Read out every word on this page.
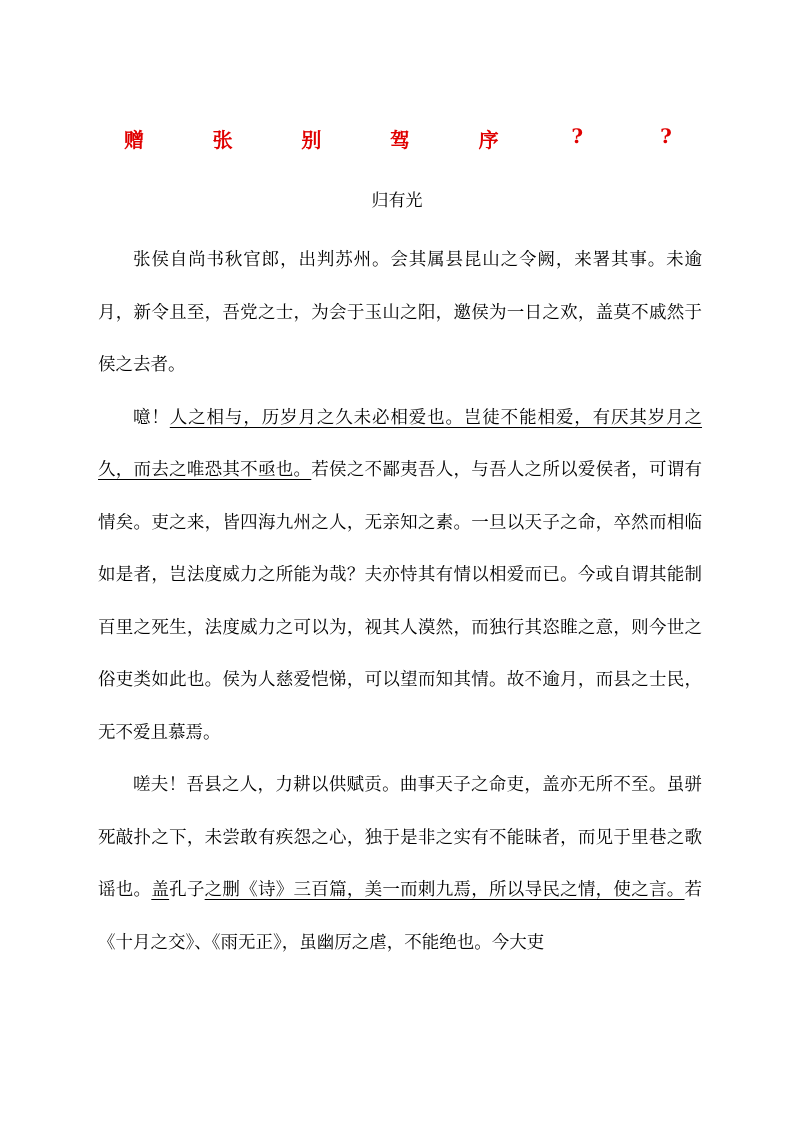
赠	张	别	驾	序	?	?
归有光

张侯自尚书秋官郎，出判苏州。会其属县昆山之令阙，来署其事。未逾月，新令且至，吾党之士，为会于玉山之阳，邀侯为一日之欢，盖莫不戚然于侯之去者。

噫！人之相与，历岁月之久未必相爱也。岂徒不能相爱，有厌其岁月之久，而去之唯恐其不亟也。若侯之不鄙夷吾人，与吾人之所以爱侯者，可谓有情矣。吏之来，皆四海九州之人，无亲知之素。一旦以天子之命，卒然而相临如是者，岂法度威力之所能为哉？夫亦恃其有情以相爱而已。今或自谓其能制百里之死生，法度威力之可以为，视其人漠然，而独行其恣睢之意，则今世之俗吏类如此也。侯为人慈爱恺悌，可以望而知其情。故不逾月，而县之士民，无不爱且慕焉。

嗟夫！吾县之人，力耕以供赋贡。曲事天子之命吏，盖亦无所不至。虽骈死敲扑之下，未尝敢有疾怨之心，独于是非之实有不能昧者，而见于里巷之歌谣也。盖孔子之删《诗》三百篇，美一而刺九焉，所以导民之情，使之言。若《十月之交》、《雨无正》，虽幽厉之虐，不能绝也。今大吏
